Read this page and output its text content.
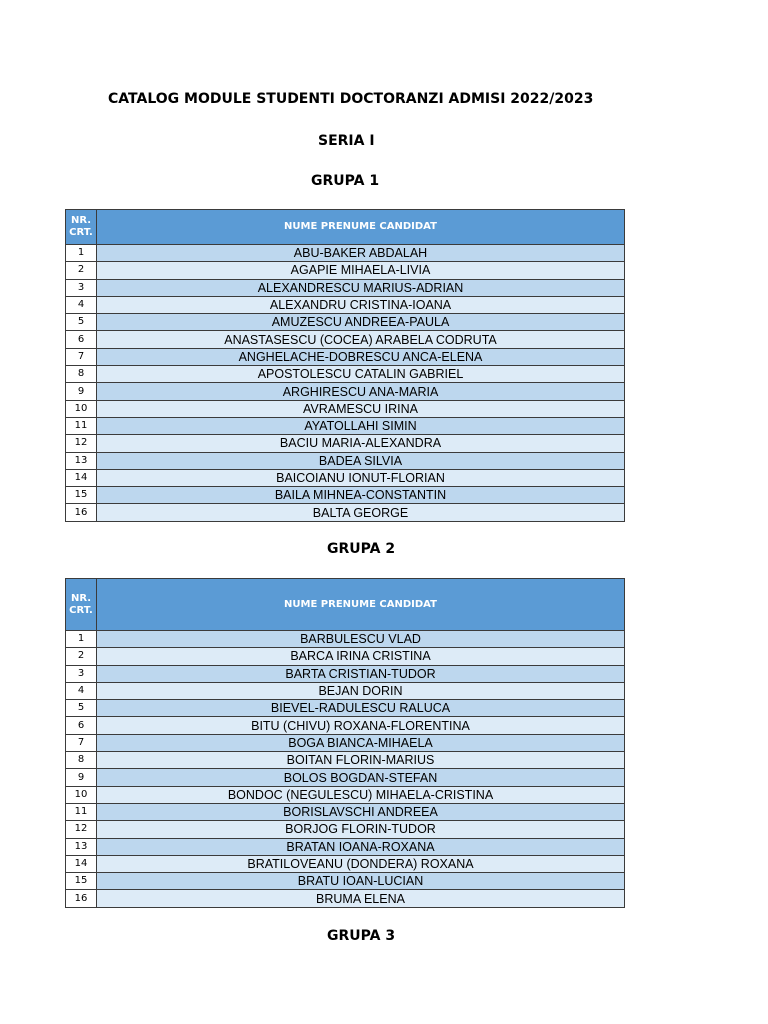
CATALOG MODULE STUDENTI DOCTORANZI ADMISI 2022/2023
SERIA I
GRUPA 1
NR. CRT.	NUME PRENUME CANDIDAT
1	ABU-BAKER ABDALAH
2	AGAPIE MIHAELA-LIVIA
3	ALEXANDRESCU MARIUS-ADRIAN
4	ALEXANDRU CRISTINA-IOANA
5	AMUZESCU ANDREEA-PAULA
6	ANASTASESCU (COCEA) ARABELA CODRUTA
7	ANGHELACHE-DOBRESCU ANCA-ELENA
8	APOSTOLESCU CATALIN GABRIEL
9	ARGHIRESCU ANA-MARIA
10	AVRAMESCU IRINA
11	AYATOLLAHI SIMIN
12	BACIU MARIA-ALEXANDRA
13	BADEA SILVIA
14	BAICOIANU IONUT-FLORIAN
15	BAILA MIHNEA-CONSTANTIN
16	BALTA GEORGE
GRUPA 2
NR. CRT.	NUME PRENUME CANDIDAT
1	BARBULESCU VLAD
2	BARCA IRINA CRISTINA
3	BARTA CRISTIAN-TUDOR
4	BEJAN DORIN
5	BIEVEL-RADULESCU RALUCA
6	BITU (CHIVU) ROXANA-FLORENTINA
7	BOGA BIANCA-MIHAELA
8	BOITAN FLORIN-MARIUS
9	BOLOS BOGDAN-STEFAN
10	BONDOC (NEGULESCU) MIHAELA-CRISTINA
11	BORISLAVSCHI ANDREEA
12	BORJOG FLORIN-TUDOR
13	BRATAN IOANA-ROXANA
14	BRATILOVEANU (DONDERA) ROXANA
15	BRATU IOAN-LUCIAN
16	BRUMA ELENA
GRUPA 3
